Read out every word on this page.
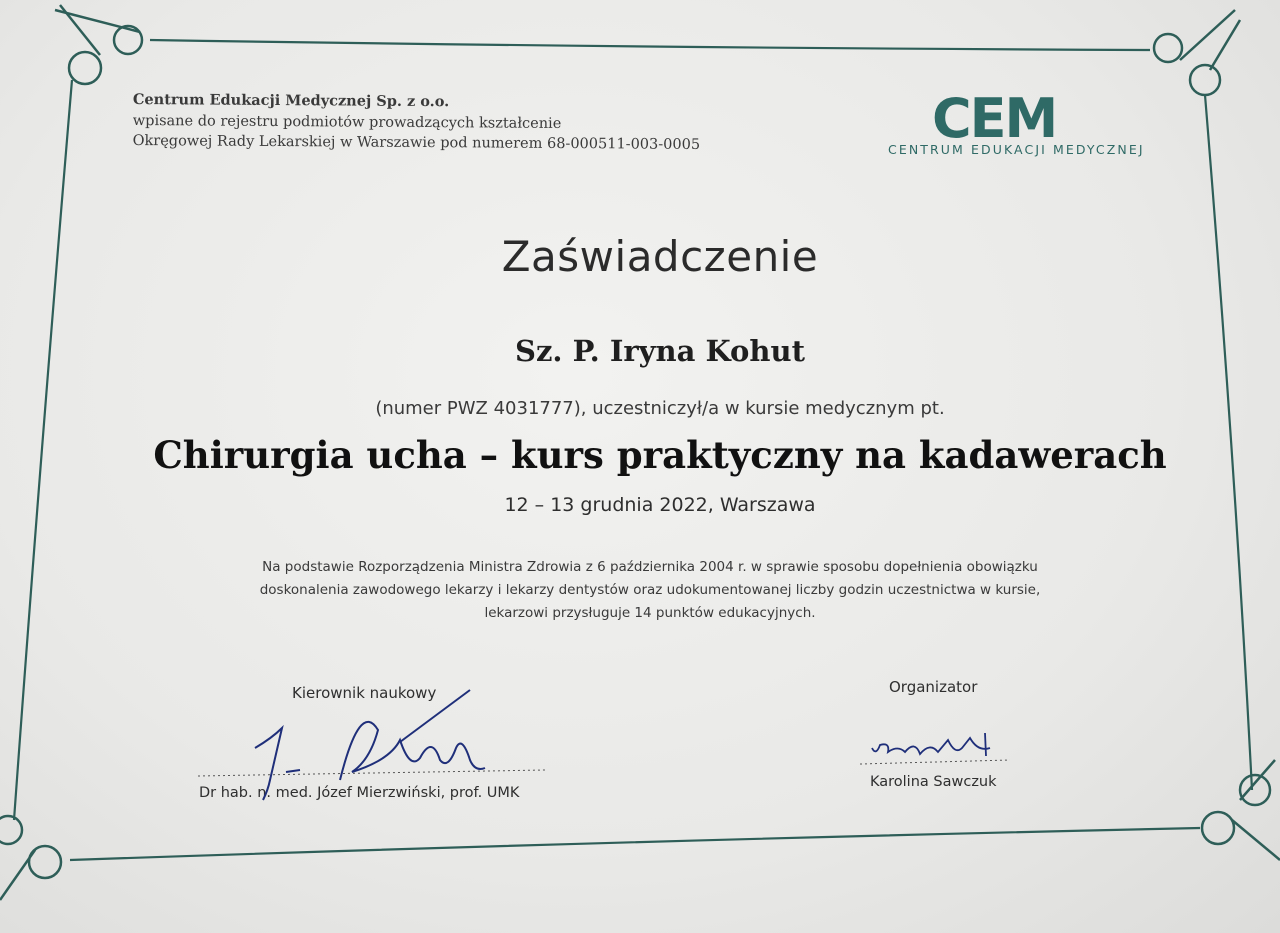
Centrum Edukacji Medycznej Sp. z o.o.
wpisane do rejestru podmiotów prowadzących kształcenie
Okręgowej Rady Lekarskiej w Warszawie pod numerem 68-000511-003-0005	CEM
CENTRUM EDUKACJI MEDYCZNEJ
Zaświadczenie
Sz. P. Iryna Kohut
(numer PWZ 4031777), uczestniczył/a w kursie medycznym pt.
Chirurgia ucha – kurs praktyczny na kadawerach
12 – 13 grudnia 2022, Warszawa
Na podstawie Rozporządzenia Ministra Zdrowia z 6 października 2004 r. w sprawie sposobu dopełnienia obowiązku
doskonalenia zawodowego lekarzy i lekarzy dentystów oraz udokumentowanej liczby godzin uczestnictwa w kursie,
lekarzowi przysługuje 14 punktów edukacyjnych.
Kierownik naukowy
Dr hab. n. med. Józef Mierzwiński, prof. UMK
Organizator
Karolina Sawczuk
